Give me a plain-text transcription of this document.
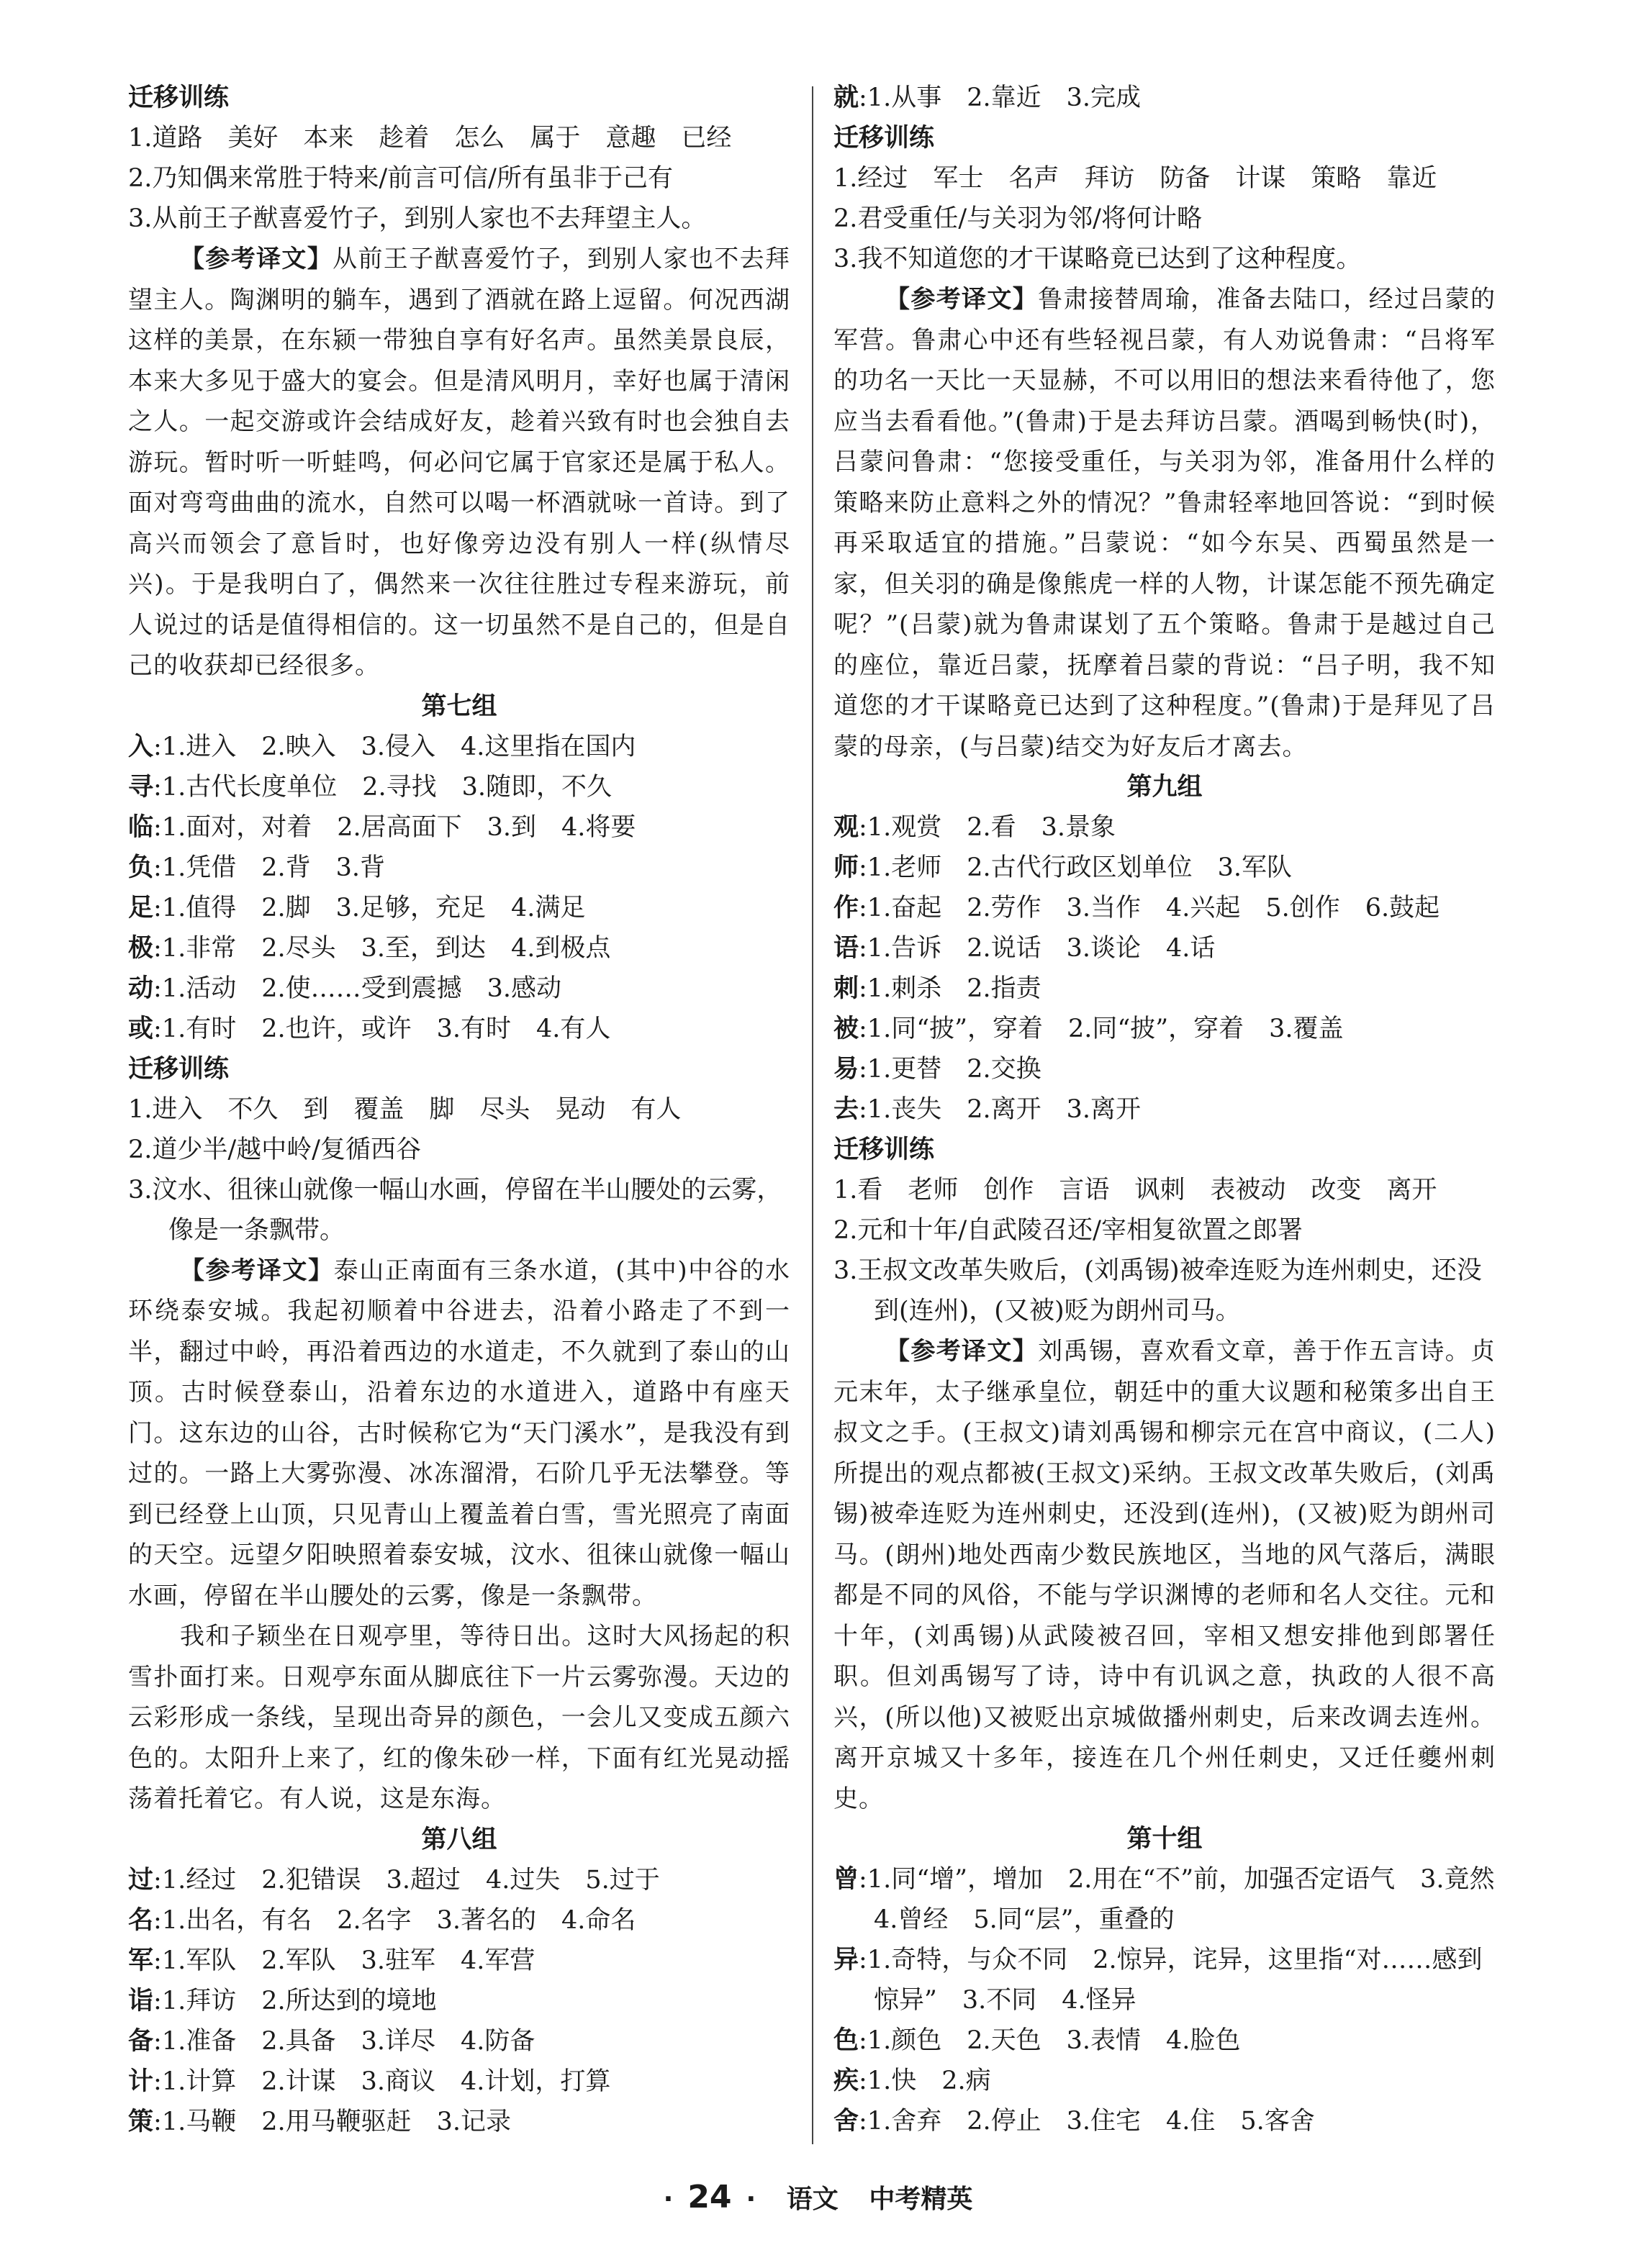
迁移训练
1.道路　美好　本来　趁着　怎么　属于　意趣　已经
2.乃知偶来常胜于特来/前言可信/所有虽非于己有
3.从前王子猷喜爱竹子，到别人家也不去拜望主人。

【参考译文】从前王子猷喜爱竹子，到别人家也不去拜望主人。陶渊明的躺车，遇到了酒就在路上逗留。何况西湖这样的美景，在东颍一带独自享有好名声。虽然美景良辰，本来大多见于盛大的宴会。但是清风明月，幸好也属于清闲之人。一起交游或许会结成好友，趁着兴致有时也会独自去游玩。暂时听一听蛙鸣，何必问它属于官家还是属于私人。面对弯弯曲曲的流水，自然可以喝一杯酒就咏一首诗。到了高兴而领会了意旨时，也好像旁边没有别人一样(纵情尽兴)。于是我明白了，偶然来一次往往胜过专程来游玩，前人说过的话是值得相信的。这一切虽然不是自己的，但是自己的收获却已经很多。

第七组
入:1.进入　2.映入　3.侵入　4.这里指在国内
寻:1.古代长度单位　2.寻找　3.随即，不久
临:1.面对，对着　2.居高面下　3.到　4.将要
负:1.凭借　2.背　3.背
足:1.值得　2.脚　3.足够，充足　4.满足
极:1.非常　2.尽头　3.至，到达　4.到极点
动:1.活动　2.使……受到震撼　3.感动
或:1.有时　2.也许，或许　3.有时　4.有人
迁移训练
1.进入　不久　到　覆盖　脚　尽头　晃动　有人
2.道少半/越中岭/复循西谷
3.汶水、徂徕山就像一幅山水画，停留在半山腰处的云雾，
像是一条飘带。

【参考译文】泰山正南面有三条水道，(其中)中谷的水环绕泰安城。我起初顺着中谷进去，沿着小路走了不到一半，翻过中岭，再沿着西边的水道走，不久就到了泰山的山顶。古时候登泰山，沿着东边的水道进入，道路中有座天门。这东边的山谷，古时候称它为“天门溪水”，是我没有到过的。一路上大雾弥漫、冰冻溜滑，石阶几乎无法攀登。等到已经登上山顶，只见青山上覆盖着白雪，雪光照亮了南面的天空。远望夕阳映照着泰安城，汶水、徂徕山就像一幅山水画，停留在半山腰处的云雾，像是一条飘带。

我和子颖坐在日观亭里，等待日出。这时大风扬起的积雪扑面打来。日观亭东面从脚底往下一片云雾弥漫。天边的云彩形成一条线，呈现出奇异的颜色，一会儿又变成五颜六色的。太阳升上来了，红的像朱砂一样，下面有红光晃动摇荡着托着它。有人说，这是东海。

第八组
过:1.经过　2.犯错误　3.超过　4.过失　5.过于
名:1.出名，有名　2.名字　3.著名的　4.命名
军:1.军队　2.军队　3.驻军　4.军营
诣:1.拜访　2.所达到的境地
备:1.准备　2.具备　3.详尽　4.防备
计:1.计算　2.计谋　3.商议　4.计划，打算
策:1.马鞭　2.用马鞭驱赶　3.记录
就:1.从事　2.靠近　3.完成
迁移训练
1.经过　军士　名声　拜访　防备　计谋　策略　靠近
2.君受重任/与关羽为邻/将何计略
3.我不知道您的才干谋略竟已达到了这种程度。

【参考译文】鲁肃接替周瑜，准备去陆口，经过吕蒙的军营。鲁肃心中还有些轻视吕蒙，有人劝说鲁肃：“吕将军的功名一天比一天显赫，不可以用旧的想法来看待他了，您应当去看看他。”(鲁肃)于是去拜访吕蒙。酒喝到畅快(时)，吕蒙问鲁肃：“您接受重任，与关羽为邻，准备用什么样的策略来防止意料之外的情况？”鲁肃轻率地回答说：“到时候再采取适宜的措施。”吕蒙说：“如今东吴、西蜀虽然是一家，但关羽的确是像熊虎一样的人物，计谋怎能不预先确定呢？”(吕蒙)就为鲁肃谋划了五个策略。鲁肃于是越过自己的座位，靠近吕蒙，抚摩着吕蒙的背说：“吕子明，我不知道您的才干谋略竟已达到了这种程度。”(鲁肃)于是拜见了吕蒙的母亲，(与吕蒙)结交为好友后才离去。

第九组
观:1.观赏　2.看　3.景象
师:1.老师　2.古代行政区划单位　3.军队
作:1.奋起　2.劳作　3.当作　4.兴起　5.创作　6.鼓起
语:1.告诉　2.说话　3.谈论　4.话
刺:1.刺杀　2.指责
被:1.同“披”，穿着　2.同“披”，穿着　3.覆盖
易:1.更替　2.交换
去:1.丧失　2.离开　3.离开
迁移训练
1.看　老师　创作　言语　讽刺　表被动　改变　离开
2.元和十年/自武陵召还/宰相复欲置之郎署
3.王叔文改革失败后，(刘禹锡)被牵连贬为连州刺史，还没
到(连州)，(又被)贬为朗州司马。

【参考译文】刘禹锡，喜欢看文章，善于作五言诗。贞元末年，太子继承皇位，朝廷中的重大议题和秘策多出自王叔文之手。(王叔文)请刘禹锡和柳宗元在宫中商议，(二人)所提出的观点都被(王叔文)采纳。王叔文改革失败后，(刘禹锡)被牵连贬为连州刺史，还没到(连州)，(又被)贬为朗州司马。(朗州)地处西南少数民族地区，当地的风气落后，满眼都是不同的风俗，不能与学识渊博的老师和名人交往。元和十年，(刘禹锡)从武陵被召回，宰相又想安排他到郎署任职。但刘禹锡写了诗，诗中有讥讽之意，执政的人很不高兴，(所以他)又被贬出京城做播州刺史，后来改调去连州。离开京城又十多年，接连在几个州任刺史，又迁任夔州刺史。

第十组
曾:1.同“增”，增加　2.用在“不”前，加强否定语气　3.竟然
4.曾经　5.同“层”，重叠的
异:1.奇特，与众不同　2.惊异，诧异，这里指“对……感到
惊异”　3.不同　4.怪异
色:1.颜色　2.天色　3.表情　4.脸色
疾:1.快　2.病
舍:1.舍弃　2.停止　3.住宅　4.住　5.客舍
· 24 · 语文 中考精英
